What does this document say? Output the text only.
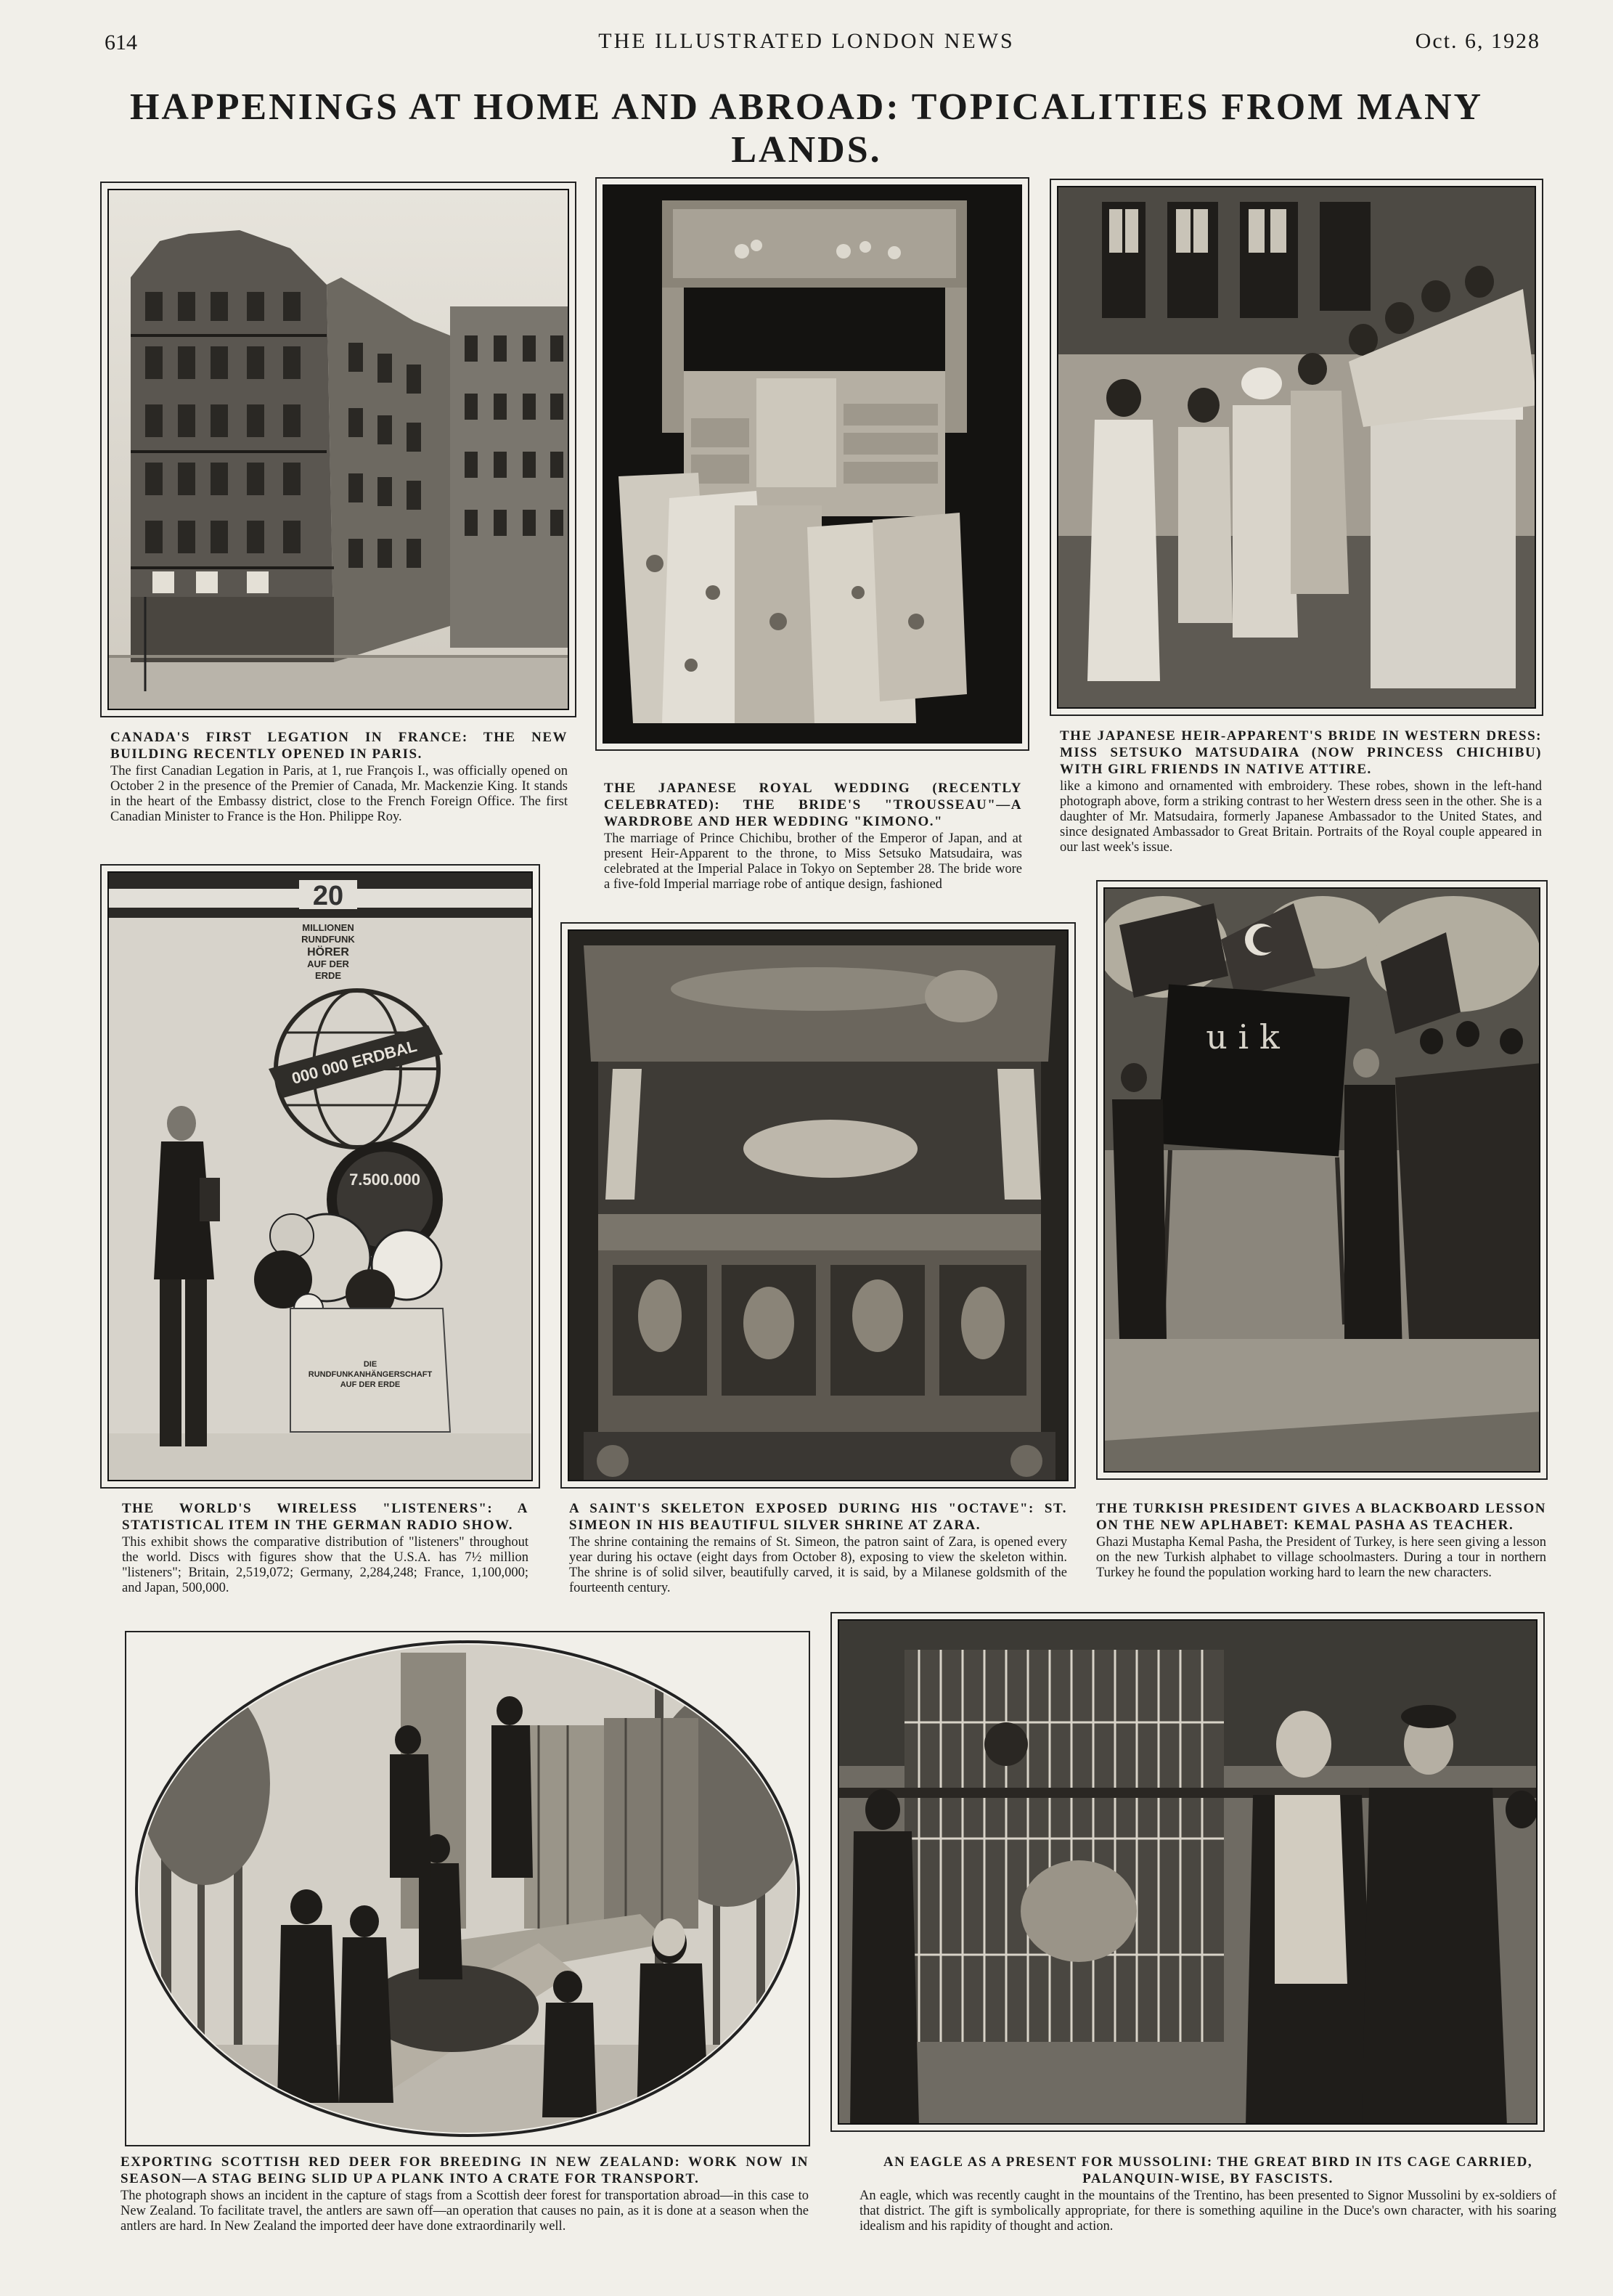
614	THE ILLUSTRATED LONDON NEWS	Oct. 6, 1928
HAPPENINGS AT HOME AND ABROAD: TOPICALITIES FROM MANY LANDS.
CANADA'S FIRST LEGATION IN FRANCE: THE NEW BUILDING RECENTLY OPENED IN PARIS.
The first Canadian Legation in Paris, at 1, rue François I., was officially opened on October 2 in the presence of the Premier of Canada, Mr. Mackenzie King. It stands in the heart of the Embassy district, close to the French Foreign Office. The first Canadian Minister to France is the Hon. Philippe Roy.
THE JAPANESE ROYAL WEDDING (RECENTLY CELEBRATED): THE BRIDE'S "TROUSSEAU"—A WARDROBE AND HER WEDDING "KIMONO."
The marriage of Prince Chichibu, brother of the Emperor of Japan, and at present Heir-Apparent to the throne, to Miss Setsuko Matsudaira, was celebrated at the Imperial Palace in Tokyo on September 28. The bride wore a five-fold Imperial marriage robe of antique design, fashioned
THE JAPANESE HEIR-APPARENT'S BRIDE IN WESTERN DRESS: MISS SETSUKO MATSUDAIRA (NOW PRINCESS CHICHIBU) WITH GIRL FRIENDS IN NATIVE ATTIRE.
like a kimono and ornamented with embroidery. These robes, shown in the left-hand photograph above, form a striking contrast to her Western dress seen in the other. She is a daughter of Mr. Matsudaira, formerly Japanese Ambassador to the United States, and since designated Ambassador to Great Britain. Portraits of the Royal couple appeared in our last week's issue.
20
MILLIONEN
RUNDFUNK
HÖRER
AUF DER
ERDE
000 000 ERDBAL
7.500.000
DIE
RUNDFUNKANHÄNGERSCHAFT
AUF DER ERDE
THE WORLD'S WIRELESS "LISTENERS": A STATISTICAL ITEM IN THE GERMAN RADIO SHOW.
This exhibit shows the comparative distribution of "listeners" throughout the world. Discs with figures show that the U.S.A. has 7½ million "listeners"; Britain, 2,519,072; Germany, 2,284,248; France, 1,100,000; and Japan, 500,000.
A SAINT'S SKELETON EXPOSED DURING HIS "OCTAVE": ST. SIMEON IN HIS BEAUTIFUL SILVER SHRINE AT ZARA.
The shrine containing the remains of St. Simeon, the patron saint of Zara, is opened every year during his octave (eight days from October 8), exposing to view the skeleton within. The shrine is of solid silver, beautifully carved, it is said, by a Milanese goldsmith of the fourteenth century.
u i k
THE TURKISH PRESIDENT GIVES A BLACKBOARD LESSON ON THE NEW APLHABET: KEMAL PASHA AS TEACHER.
Ghazi Mustapha Kemal Pasha, the President of Turkey, is here seen giving a lesson on the new Turkish alphabet to village schoolmasters. During a tour in northern Turkey he found the population working hard to learn the new characters.
EXPORTING SCOTTISH RED DEER FOR BREEDING IN NEW ZEALAND: WORK NOW IN SEASON—A STAG BEING SLID UP A PLANK INTO A CRATE FOR TRANSPORT.
The photograph shows an incident in the capture of stags from a Scottish deer forest for transportation abroad—in this case to New Zealand. To facilitate travel, the antlers are sawn off—an operation that causes no pain, as it is done at a season when the antlers are hard. In New Zealand the imported deer have done extraordinarily well.
AN EAGLE AS A PRESENT FOR MUSSOLINI: THE GREAT BIRD IN ITS CAGE CARRIED, PALANQUIN-WISE, BY FASCISTS.
An eagle, which was recently caught in the mountains of the Trentino, has been presented to Signor Mussolini by ex-soldiers of that district. The gift is symbolically appropriate, for there is something aquiline in the Duce's own character, with his soaring idealism and his rapidity of thought and action.
